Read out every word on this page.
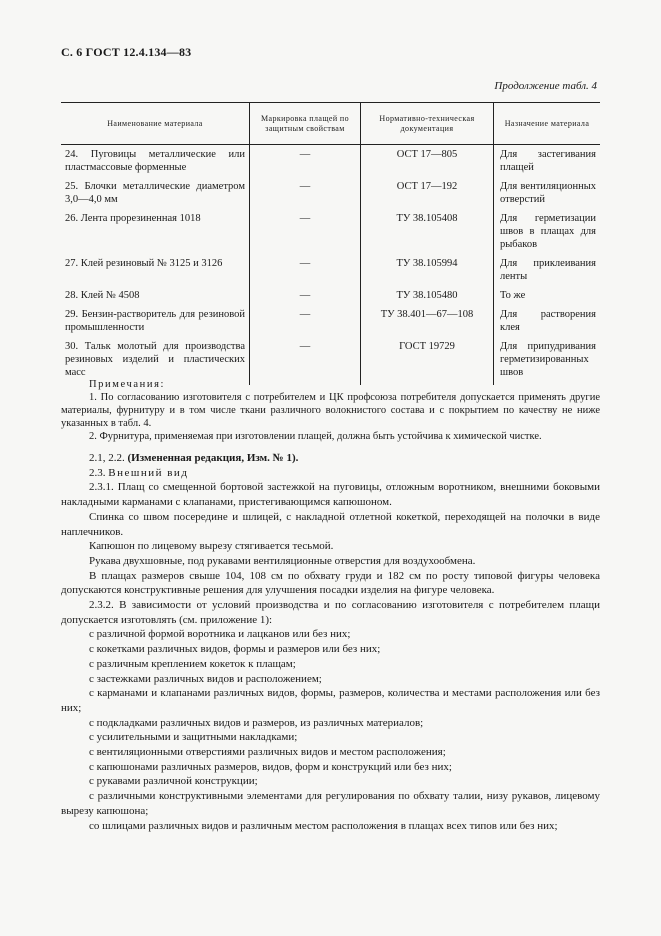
С. 6 ГОСТ 12.4.134—83
Продолжение табл. 4
Наименование материала	Маркировка плащей по защитным свойствам	Нормативно-техническая документация	Назначение материала
24. Пуговицы металлические или пластмассовые форменные	—	ОСТ 17—805	Для застегивания плащей
25. Блочки металлические диаметром 3,0—4,0 мм	—	ОСТ 17—192	Для вентиляционных отверстий
26. Лента прорезиненная 1018	—	ТУ 38.105408	Для герметизации швов в плащах для рыбаков
27. Клей резиновый № 3125 и 3126	—	ТУ 38.105994	Для приклеивания ленты
28. Клей № 4508	—	ТУ 38.105480	То же
29. Бензин-растворитель для резиновой промышленности	—	ТУ 38.401—67—108	Для растворения клея
30. Тальк молотый для производства резиновых изделий и пластических масс	—	ГОСТ 19729	Для припудривания герметизированных швов
Примечания:

1. По согласованию изготовителя с потребителем и ЦК профсоюза потребителя допускается применять другие материалы, фурнитуру и в том числе ткани различного волокнистого состава и с покрытием по качеству не ниже указанных в табл. 4.

2. Фурнитура, применяемая при изготовлении плащей, должна быть устойчива к химической чистке.

2.1, 2.2. (Измененная редакция, Изм. № 1).

2.3. Внешний вид

2.3.1. Плащ со смещенной бортовой застежкой на пуговицы, отложным воротником, внешними боковыми накладными карманами с клапанами, пристегивающимся капюшоном.

Спинка со швом посередине и шлицей, с накладной отлетной кокеткой, переходящей на полочки в виде наплечников.

Капюшон по лицевому вырезу стягивается тесьмой.

Рукава двухшовные, под рукавами вентиляционные отверстия для воздухообмена.

В плащах размеров свыше 104, 108 см по обхвату груди и 182 см по росту типовой фигуры человека допускаются конструктивные решения для улучшения посадки изделия на фигуре человека.

2.3.2. В зависимости от условий производства и по согласованию изготовителя с потребителем плащи допускается изготовлять (см. приложение 1):

с различной формой воротника и лацканов или без них;

с кокетками различных видов, формы и размеров или без них;

с различным креплением кокеток к плащам;

с застежками различных видов и расположением;

с карманами и клапанами различных видов, формы, размеров, количества и местами расположения или без них;

с подкладками различных видов и размеров, из различных материалов;

с усилительными и защитными накладками;

с вентиляционными отверстиями различных видов и местом расположения;

с капюшонами различных размеров, видов, форм и конструкций или без них;

с рукавами различной конструкции;

с различными конструктивными элементами для регулирования по обхвату талии, низу рукавов, лицевому вырезу капюшона;

со шлицами различных видов и различным местом расположения в плащах всех типов или без них;
